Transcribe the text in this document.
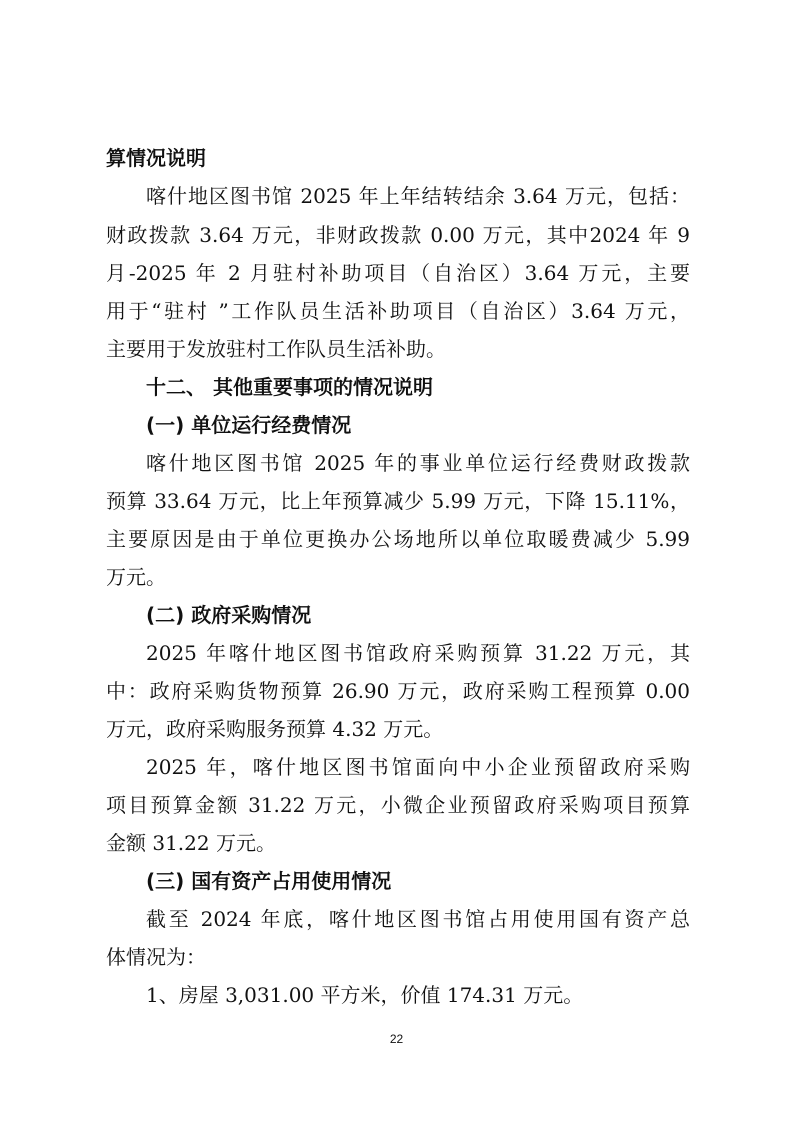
算情况说明
喀什地区图书馆 2025 年上年结转结余 3.64 万元，包括：
财政拨款 3.64 万元，非财政拨款 0.00 万元，其中2024 年 9
月-2025 年 2 月驻村补助项目（自治区）3.64 万元，主要
用于“驻村 ”工作队员生活补助项目（自治区）3.64 万元，
主要用于发放驻村工作队员生活补助。
十二、 其他重要事项的情况说明
(一) 单位运行经费情况
喀什地区图书馆 2025 年的事业单位运行经费财政拨款
预算 33.64 万元，比上年预算减少 5.99 万元，下降 15.11%，
主要原因是由于单位更换办公场地所以单位取暖费减少 5.99
万元。
(二) 政府采购情况
2025 年喀什地区图书馆政府采购预算 31.22 万元，其
中：政府采购货物预算 26.90 万元，政府采购工程预算 0.00
万元，政府采购服务预算 4.32 万元。
2025 年，喀什地区图书馆面向中小企业预留政府采购
项目预算金额 31.22 万元，小微企业预留政府采购项目预算
金额 31.22 万元。
(三) 国有资产占用使用情况
截至 2024 年底，喀什地区图书馆占用使用国有资产总
体情况为：
1、房屋 3,031.00 平方米，价值 174.31 万元。
22
